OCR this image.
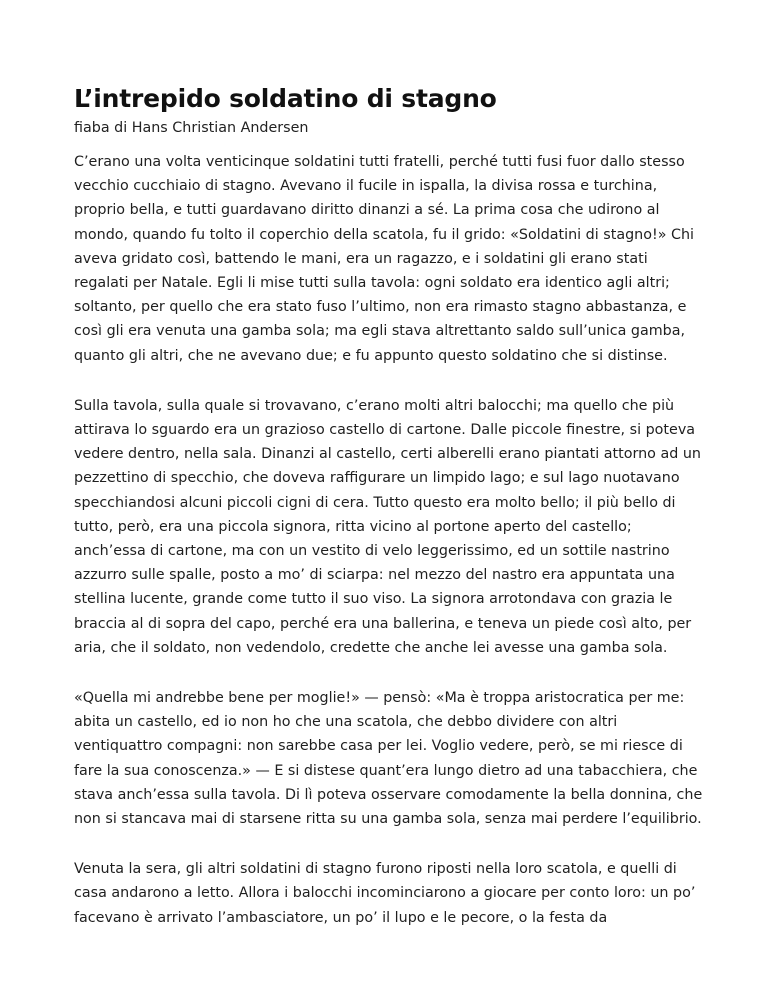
L’intrepido soldatino di stagno
fiaba di Hans Christian Andersen

C’erano una volta venticinque soldatini tutti fratelli, perché tutti fusi fuor dallo stesso vecchio cucchiaio di stagno. Avevano il fucile in ispalla, la divisa rossa e turchina, proprio bella, e tutti guardavano diritto dinanzi a sé. La prima cosa che udirono al mondo, quando fu tolto il coperchio della scatola, fu il grido: «Soldatini di stagno!» Chi aveva gridato così, battendo le mani, era un ragazzo, e i soldatini gli erano stati regalati per Natale. Egli li mise tutti sulla tavola: ogni soldato era identico agli altri; soltanto, per quello che era stato fuso l’ultimo, non era rimasto stagno abbastanza, e così gli era venuta una gamba sola; ma egli stava altrettanto saldo sull’unica gamba, quanto gli altri, che ne avevano due; e fu appunto questo soldatino che si distinse.

Sulla tavola, sulla quale si trovavano, c’erano molti altri balocchi; ma quello che più attirava lo sguardo era un grazioso castello di cartone. Dalle piccole finestre, si poteva vedere dentro, nella sala. Dinanzi al castello, certi alberelli erano piantati attorno ad un pezzettino di specchio, che doveva raffigurare un limpido lago; e sul lago nuotavano specchiandosi alcuni piccoli cigni di cera. Tutto questo era molto bello; il più bello di tutto, però, era una piccola signora, ritta vicino al portone aperto del castello; anch’essa di cartone, ma con un vestito di velo leggerissimo, ed un sottile nastrino azzurro sulle spalle, posto a mo’ di sciarpa: nel mezzo del nastro era appuntata una stellina lucente, grande come tutto il suo viso. La signora arrotondava con grazia le braccia al di sopra del capo, perché era una ballerina, e teneva un piede così alto, per aria, che il soldato, non vedendolo, credette che anche lei avesse una gamba sola.

«Quella mi andrebbe bene per moglie!» — pensò: «Ma è troppa aristocratica per me: abita un castello, ed io non ho che una scatola, che debbo dividere con altri ventiquattro compagni: non sarebbe casa per lei. Voglio vedere, però, se mi riesce di fare la sua conoscenza.» — E si distese quant’era lungo dietro ad una tabacchiera, che stava anch’essa sulla tavola. Di lì poteva osservare comodamente la bella donnina, che non si stancava mai di starsene ritta su una gamba sola, senza mai perdere l’equilibrio.

Venuta la sera, gli altri soldatini di stagno furono riposti nella loro scatola, e quelli di casa andarono a letto. Allora i balocchi incominciarono a giocare per conto loro: un po’ facevano è arrivato l’ambasciatore, un po’ il lupo e le pecore, o la festa da
